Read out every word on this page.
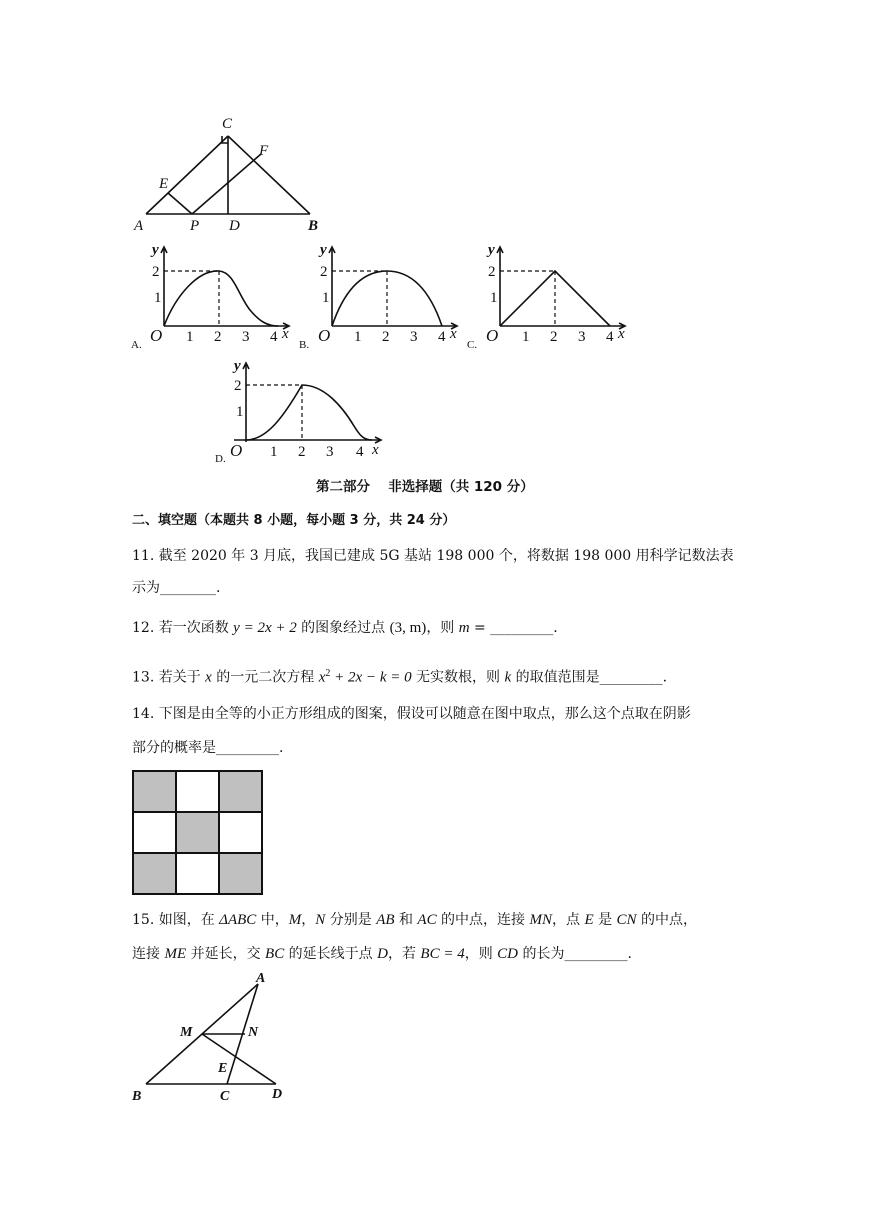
C
F
E
A	P D	B
y
2
1
O 1 2 3 4 x
A.
y
2
1
O 1 2 3 4 x
B.
y
2
1
O 1 2 3 4 x
C.
y
2
1
O 1 2 3 4 x
D.
第二部分　 非选择题（共 120 分）
二、填空题（本题共 8 小题，每小题 3 分，共 24 分）
11. 截至 2020 年 3 月底，我国已建成 5G 基站 198 000 个，将数据 198 000 用科学记数法表
示为________.
12. 若一次函数 y = 2x + 2 的图象经过点 (3, m)，则 m = _________.
13. 若关于 x 的一元二次方程 $x^2 + 2x - k = 0$ 无实数根，则 k 的取值范围是_________.
14. 下图是由全等的小正方形组成的图案，假设可以随意在图中取点，那么这个点取在阴影
部分的概率是_________.
15. 如图，在 ΔABC 中，M，N 分别是 AB 和 AC 的中点，连接 MN，点 E 是 CN 的中点，
连接 ME 并延长，交 BC 的延长线于点 D，若 BC = 4，则 CD 的长为_________.
A
M	N
E
B	C	D
